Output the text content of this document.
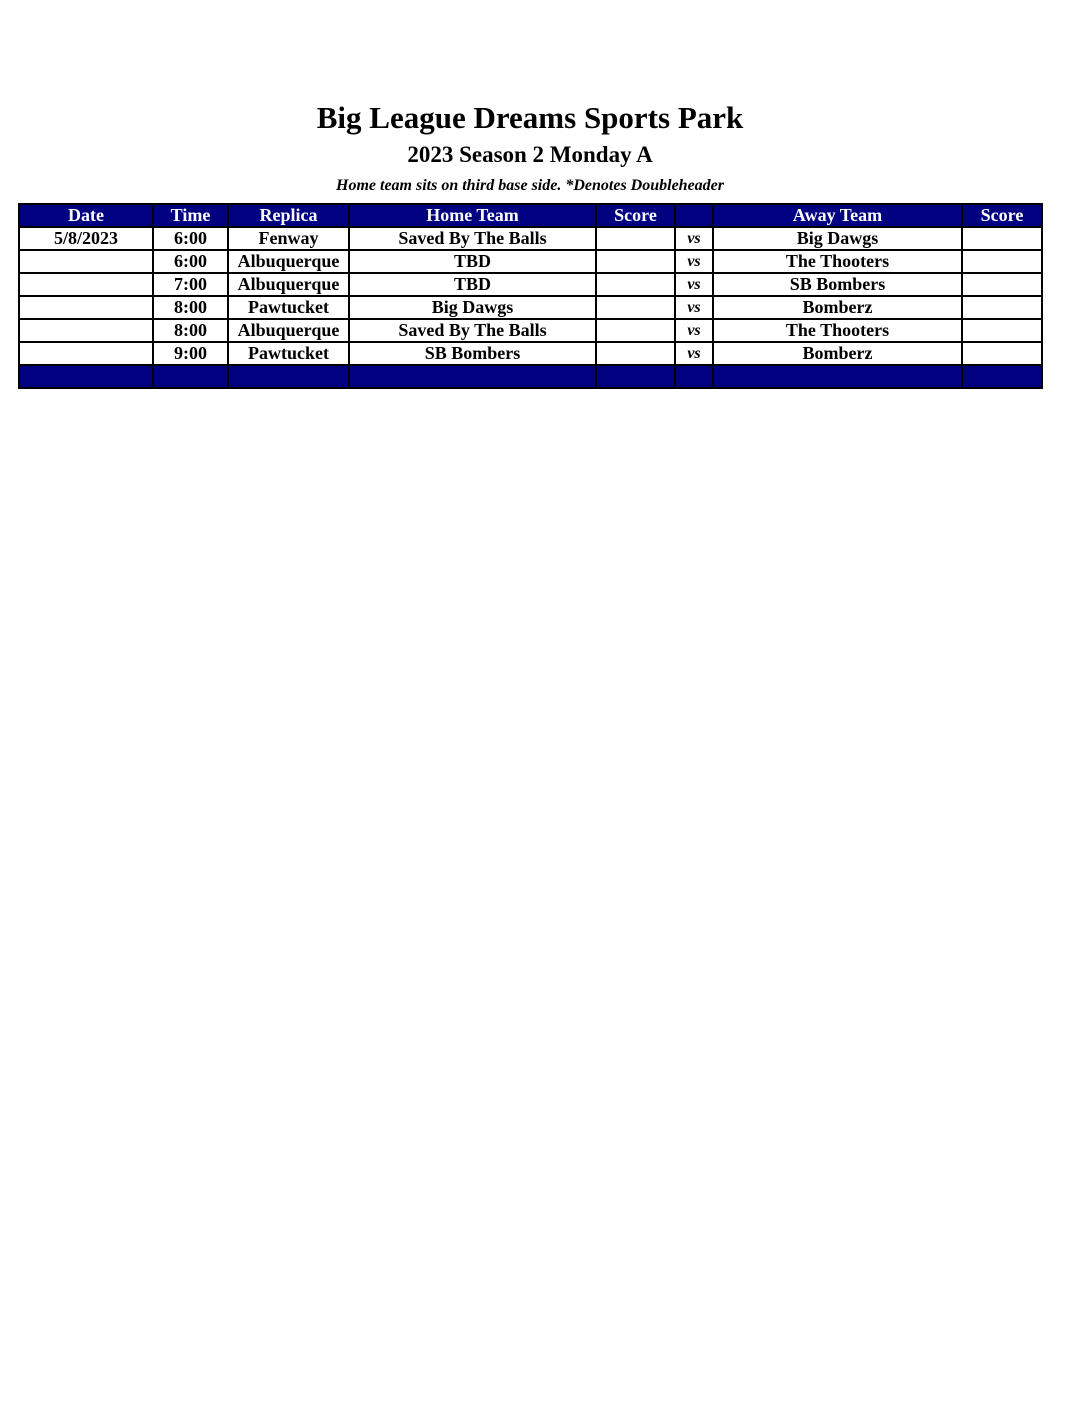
Big League Dreams Sports Park
2023 Season 2 Monday A
Home team sits on third base side. *Denotes Doubleheader
Date	Time	Replica	Home Team	Score		Away Team	Score
5/8/2023	6:00	Fenway	Saved By The Balls		vs	Big Dawgs	
	6:00	Albuquerque	TBD		vs	The Thooters	
	7:00	Albuquerque	TBD		vs	SB Bombers	
	8:00	Pawtucket	Big Dawgs		vs	Bomberz	
	8:00	Albuquerque	Saved By The Balls		vs	The Thooters	
	9:00	Pawtucket	SB Bombers		vs	Bomberz	
